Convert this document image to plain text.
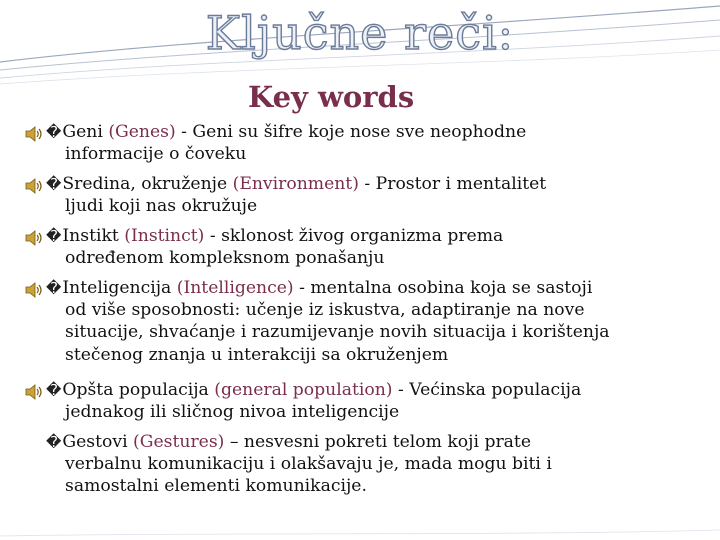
Ključne reči:
Key words
�Geni (Genes) - Geni su šifre koje nose sve neophodne
informacije o čoveku
�Sredina, okruženje (Environment) - Prostor i mentalitet
ljudi koji nas okružuje
�Instikt (Instinct) - sklonost živog organizma prema
određenom kompleksnom ponašanju
�Inteligencija (Intelligence) - mentalna osobina koja se sastoji
od više sposobnosti: učenje iz iskustva, adaptiranje na nove
situacije, shvaćanje i razumijevanje novih situacija i korištenja
stečenog znanja u interakciji sa okruženjem
�Opšta populacija (general population) - Većinska populacija
jednakog ili sličnog nivoa inteligencije
�Gestovi (Gestures) – nesvesni pokreti telom koji prate
verbalnu komunikaciju i olakšavaju je, mada mogu biti i
samostalni elementi komunikacije.
